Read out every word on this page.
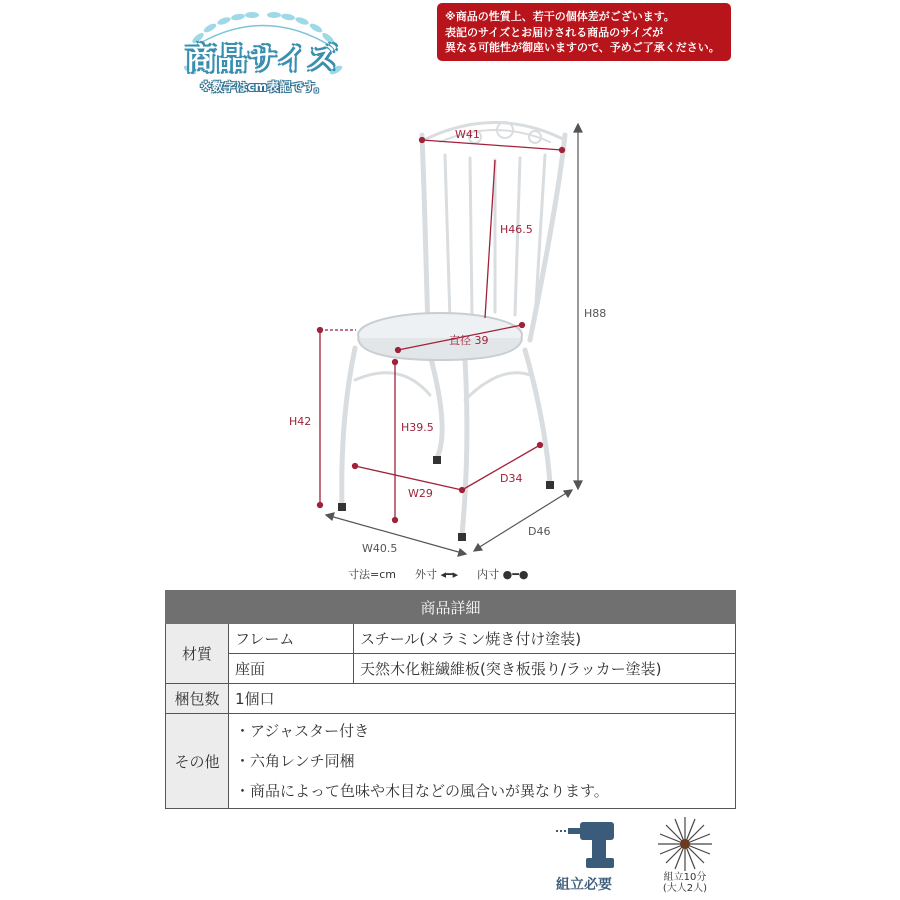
商品サイズ
※数字はcm表記です。
※商品の性質上、若干の個体差がございます。
表記のサイズとお届けされる商品のサイズが
異なる可能性が御座いますので、予めご了承ください。
W41
H46.5
H88
直径 39
H42	H39.5
W29
D34
W40.5
D46
寸法=cm 外寸 ◂━▸ 内寸 ●━●
商品詳細		
材質	フレーム	スチール(メラミン焼き付け塗装)
	座面	天然木化粧繊維板(突き板張り/ラッカー塗装)
梱包数	1個口	
その他	・アジャスター付き
・六角レンチ同梱
・商品によって色味や木目などの風合いが異なります。	
組立必要	組立10分
(大人2人)
